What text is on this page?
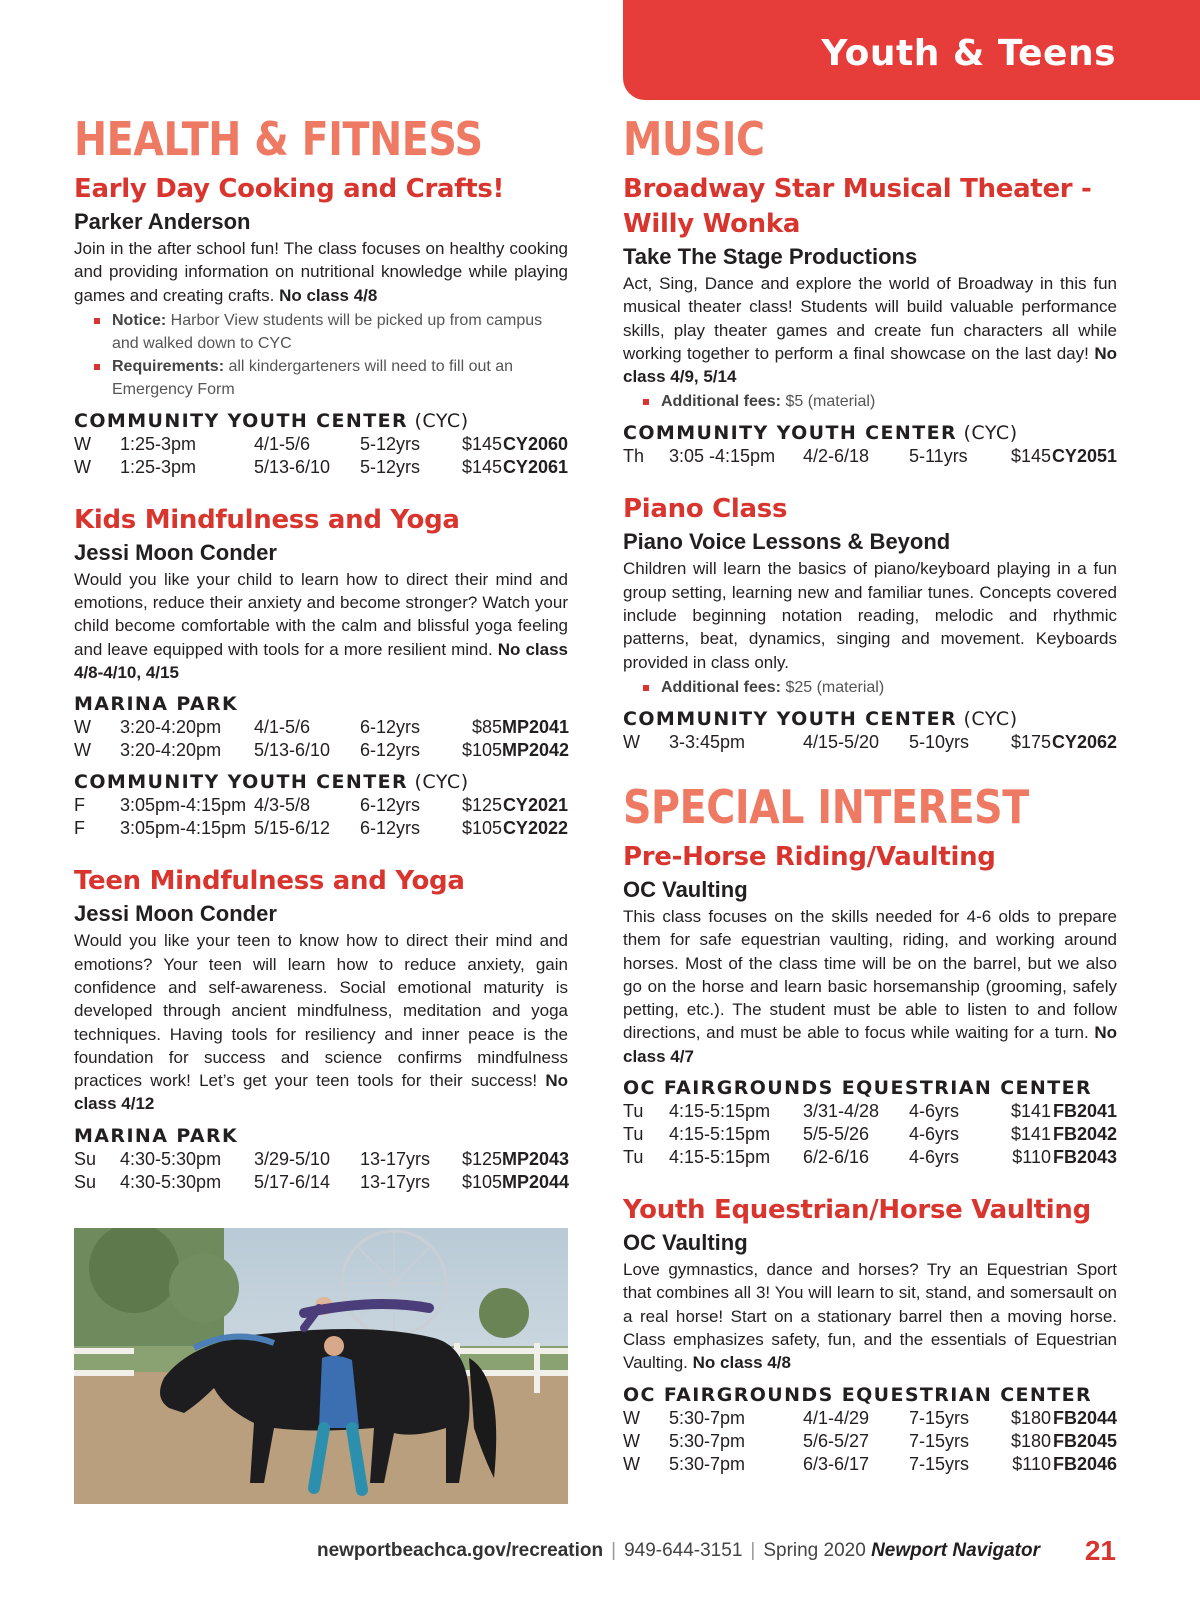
Youth & Teens
HEALTH & FITNESS
Early Day Cooking and Crafts!
Parker Anderson
Join in the after school fun! The class focuses on healthy cooking and providing information on nutritional knowledge while playing games and creating crafts. No class 4/8
Notice: Harbor View students will be picked up from campus and walked down to CYC
Requirements: all kindergarteners will need to fill out an Emergency Form
COMMUNITY YOUTH CENTER (CYC)
W	1:25-3pm	4/1-5/6	5-12yrs	$145 CY2060
W	1:25-3pm	5/13-6/10	5-12yrs	$145 CY2061
Kids Mindfulness and Yoga
Jessi Moon Conder
Would you like your child to learn how to direct their mind and emotions, reduce their anxiety and become stronger? Watch your child become comfortable with the calm and blissful yoga feeling and leave equipped with tools for a more resilient mind. No class 4/8-4/10, 4/15
MARINA PARK
W	3:20-4:20pm	4/1-5/6	6-12yrs	$85 MP2041
W	3:20-4:20pm	5/13-6/10	6-12yrs	$105 MP2042
COMMUNITY YOUTH CENTER (CYC)
F	3:05pm-4:15pm 4/3-5/8	6-12yrs	$125 CY2021
F	3:05pm-4:15pm 5/15-6/12	6-12yrs	$105 CY2022
Teen Mindfulness and Yoga
Jessi Moon Conder
Would you like your teen to know how to direct their mind and emotions? Your teen will learn how to reduce anxiety, gain confidence and self-awareness. Social emotional maturity is developed through ancient mindfulness, meditation and yoga techniques. Having tools for resiliency and inner peace is the foundation for success and science confirms mindfulness practices work! Let’s get your teen tools for their success! No class 4/12
MARINA PARK
Su	4:30-5:30pm	3/29-5/10	13-17yrs	$125 MP2043
Su	4:30-5:30pm	5/17-6/14	13-17yrs	$105 MP2044
MUSIC
Broadway Star Musical Theater - Willy Wonka
Take The Stage Productions
Act, Sing, Dance and explore the world of Broadway in this fun musical theater class! Students will build valuable performance skills, play theater games and create fun characters all while working together to perform a final showcase on the last day! No class 4/9, 5/14
Additional fees: $5 (material)
COMMUNITY YOUTH CENTER (CYC)
Th	3:05 -4:15pm	4/2-6/18	5-11yrs	$145 CY2051
Piano Class
Piano Voice Lessons & Beyond
Children will learn the basics of piano/keyboard playing in a fun group setting, learning new and familiar tunes. Concepts covered include beginning notation reading, melodic and rhythmic patterns, beat, dynamics, singing and movement. Keyboards provided in class only.
Additional fees: $25 (material)
COMMUNITY YOUTH CENTER (CYC)
W	3-3:45pm	4/15-5/20	5-10yrs	$175 CY2062
SPECIAL INTEREST
Pre-Horse Riding/Vaulting
OC Vaulting
This class focuses on the skills needed for 4-6 olds to prepare them for safe equestrian vaulting, riding, and working around horses. Most of the class time will be on the barrel, but we also go on the horse and learn basic horsemanship (grooming, safely petting, etc.). The student must be able to listen to and follow directions, and must be able to focus while waiting for a turn. No class 4/7
OC FAIRGROUNDS EQUESTRIAN CENTER
Tu	4:15-5:15pm	3/31-4/28	4-6yrs	$141 FB2041
Tu	4:15-5:15pm	5/5-5/26	4-6yrs	$141 FB2042
Tu	4:15-5:15pm	6/2-6/16	4-6yrs	$110 FB2043
Youth Equestrian/Horse Vaulting
OC Vaulting
Love gymnastics, dance and horses? Try an Equestrian Sport that combines all 3! You will learn to sit, stand, and somersault on a real horse! Start on a stationary barrel then a moving horse. Class emphasizes safety, fun, and the essentials of Equestrian Vaulting. No class 4/8
OC FAIRGROUNDS EQUESTRIAN CENTER
W	5:30-7pm	4/1-4/29	7-15yrs	$180 FB2044
W	5:30-7pm	5/6-5/27	7-15yrs	$180 FB2045
W	5:30-7pm	6/3-6/17	7-15yrs	$110 FB2046
newportbeachca.gov/recreation | 949-644-3151 | Spring 2020 Newport Navigator 21
